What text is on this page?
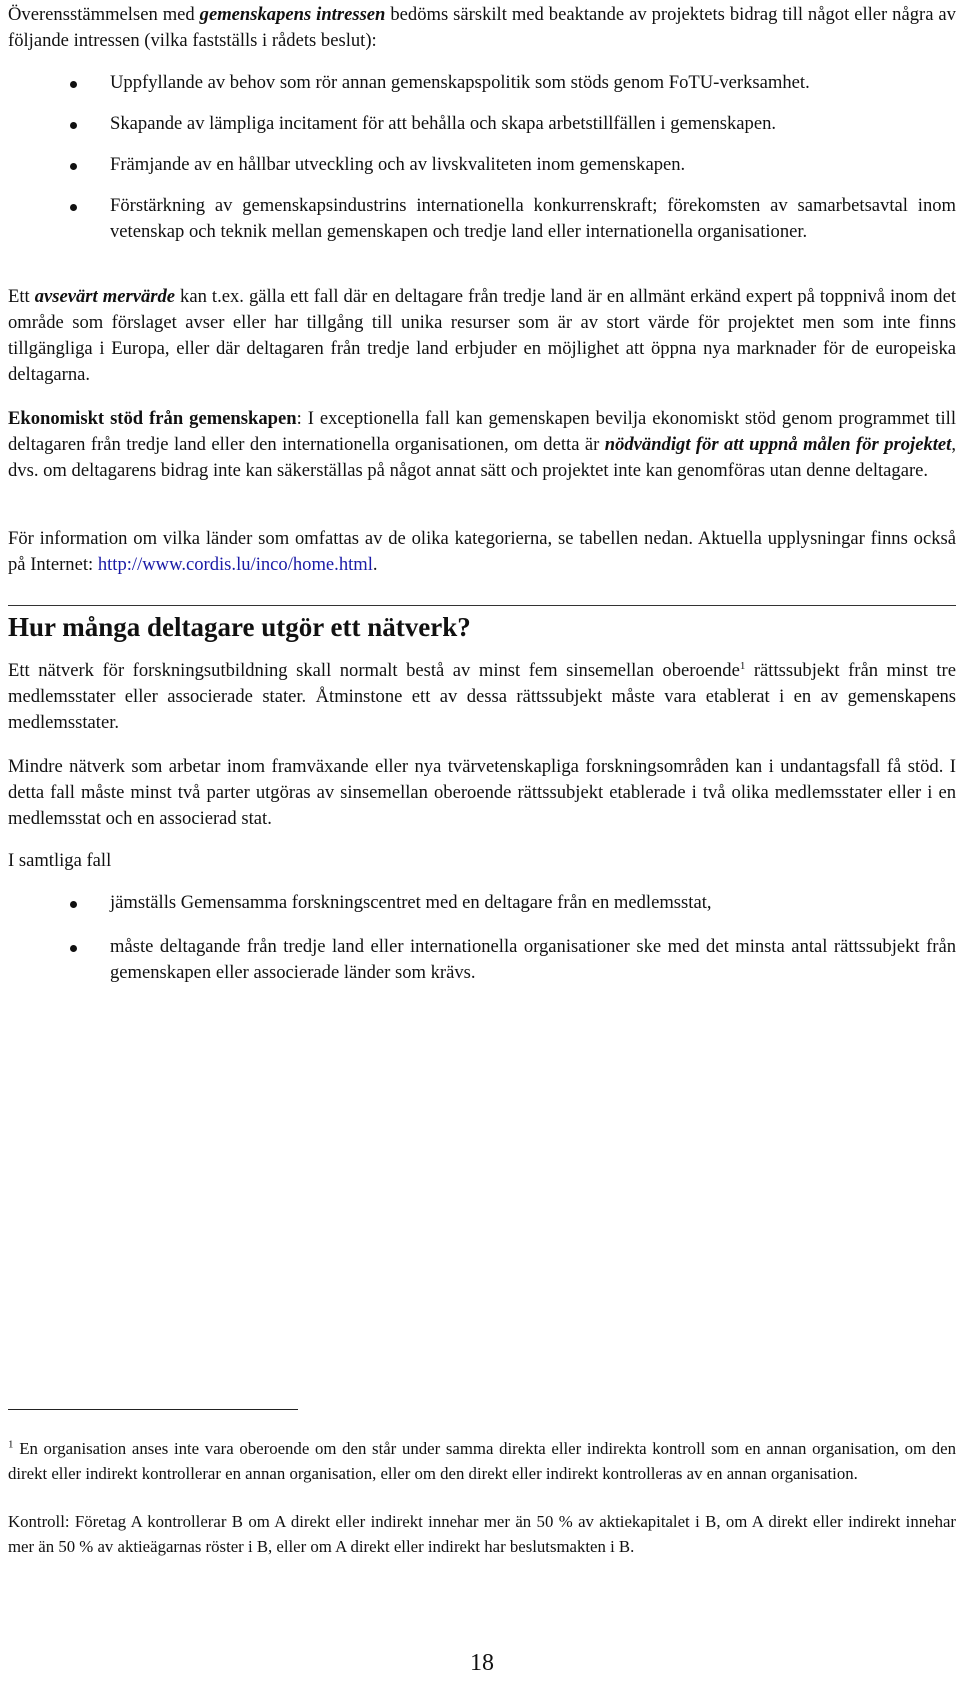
Överensstämmelsen med gemenskapens intressen bedöms särskilt med beaktande av projektets bidrag till något eller några av följande intressen (vilka fastställs i rådets beslut):

Uppfyllande av behov som rör annan gemenskapspolitik som stöds genom FoTU-verksamhet.
Skapande av lämpliga incitament för att behålla och skapa arbetstillfällen i gemenskapen.
Främjande av en hållbar utveckling och av livskvaliteten inom gemenskapen.
Förstärkning av gemenskapsindustrins internationella konkurrenskraft; förekomsten av samarbetsavtal inom vetenskap och teknik mellan gemenskapen och tredje land eller internationella organisationer.

Ett avsevärt mervärde kan t.ex. gälla ett fall där en deltagare från tredje land är en allmänt erkänd expert på toppnivå inom det område som förslaget avser eller har tillgång till unika resurser som är av stort värde för projektet men som inte finns tillgängliga i Europa, eller där deltagaren från tredje land erbjuder en möjlighet att öppna nya marknader för de europeiska deltagarna.

Ekonomiskt stöd från gemenskapen: I exceptionella fall kan gemenskapen bevilja ekonomiskt stöd genom programmet till deltagaren från tredje land eller den internationella organisationen, om detta är nödvändigt för att uppnå målen för projektet, dvs. om deltagarens bidrag inte kan säkerställas på något annat sätt och projektet inte kan genomföras utan denne deltagare.

För information om vilka länder som omfattas av de olika kategorierna, se tabellen nedan. Aktuella upplysningar finns också på Internet: http://www.cordis.lu/inco/home.html.

Hur många deltagare utgör ett nätverk?

Ett nätverk för forskningsutbildning skall normalt bestå av minst fem sinsemellan oberoende$^1$ rättssubjekt från minst tre medlemsstater eller associerade stater. Åtminstone ett av dessa rättssubjekt måste vara etablerat i en av gemenskapens medlemsstater.

Mindre nätverk som arbetar inom framväxande eller nya tvärvetenskapliga forskningsområden kan i undantagsfall få stöd. I detta fall måste minst två parter utgöras av sinsemellan oberoende rättssubjekt etablerade i två olika medlemsstater eller i en medlemsstat och en associerad stat.

I samtliga fall

jämställs Gemensamma forskningscentret med en deltagare från en medlemsstat,
måste deltagande från tredje land eller internationella organisationer ske med det minsta antal rättssubjekt från gemenskapen eller associerade länder som krävs.

$^1$ En organisation anses inte vara oberoende om den står under samma direkta eller indirekta kontroll som en annan organisation, om den direkt eller indirekt kontrollerar en annan organisation, eller om den direkt eller indirekt kontrolleras av en annan organisation.

Kontroll: Företag A kontrollerar B om A direkt eller indirekt innehar mer än 50 % av aktiekapitalet i B, om A direkt eller indirekt innehar mer än 50 % av aktieägarnas röster i B, eller om A direkt eller indirekt har beslutsmakten i B.

18
